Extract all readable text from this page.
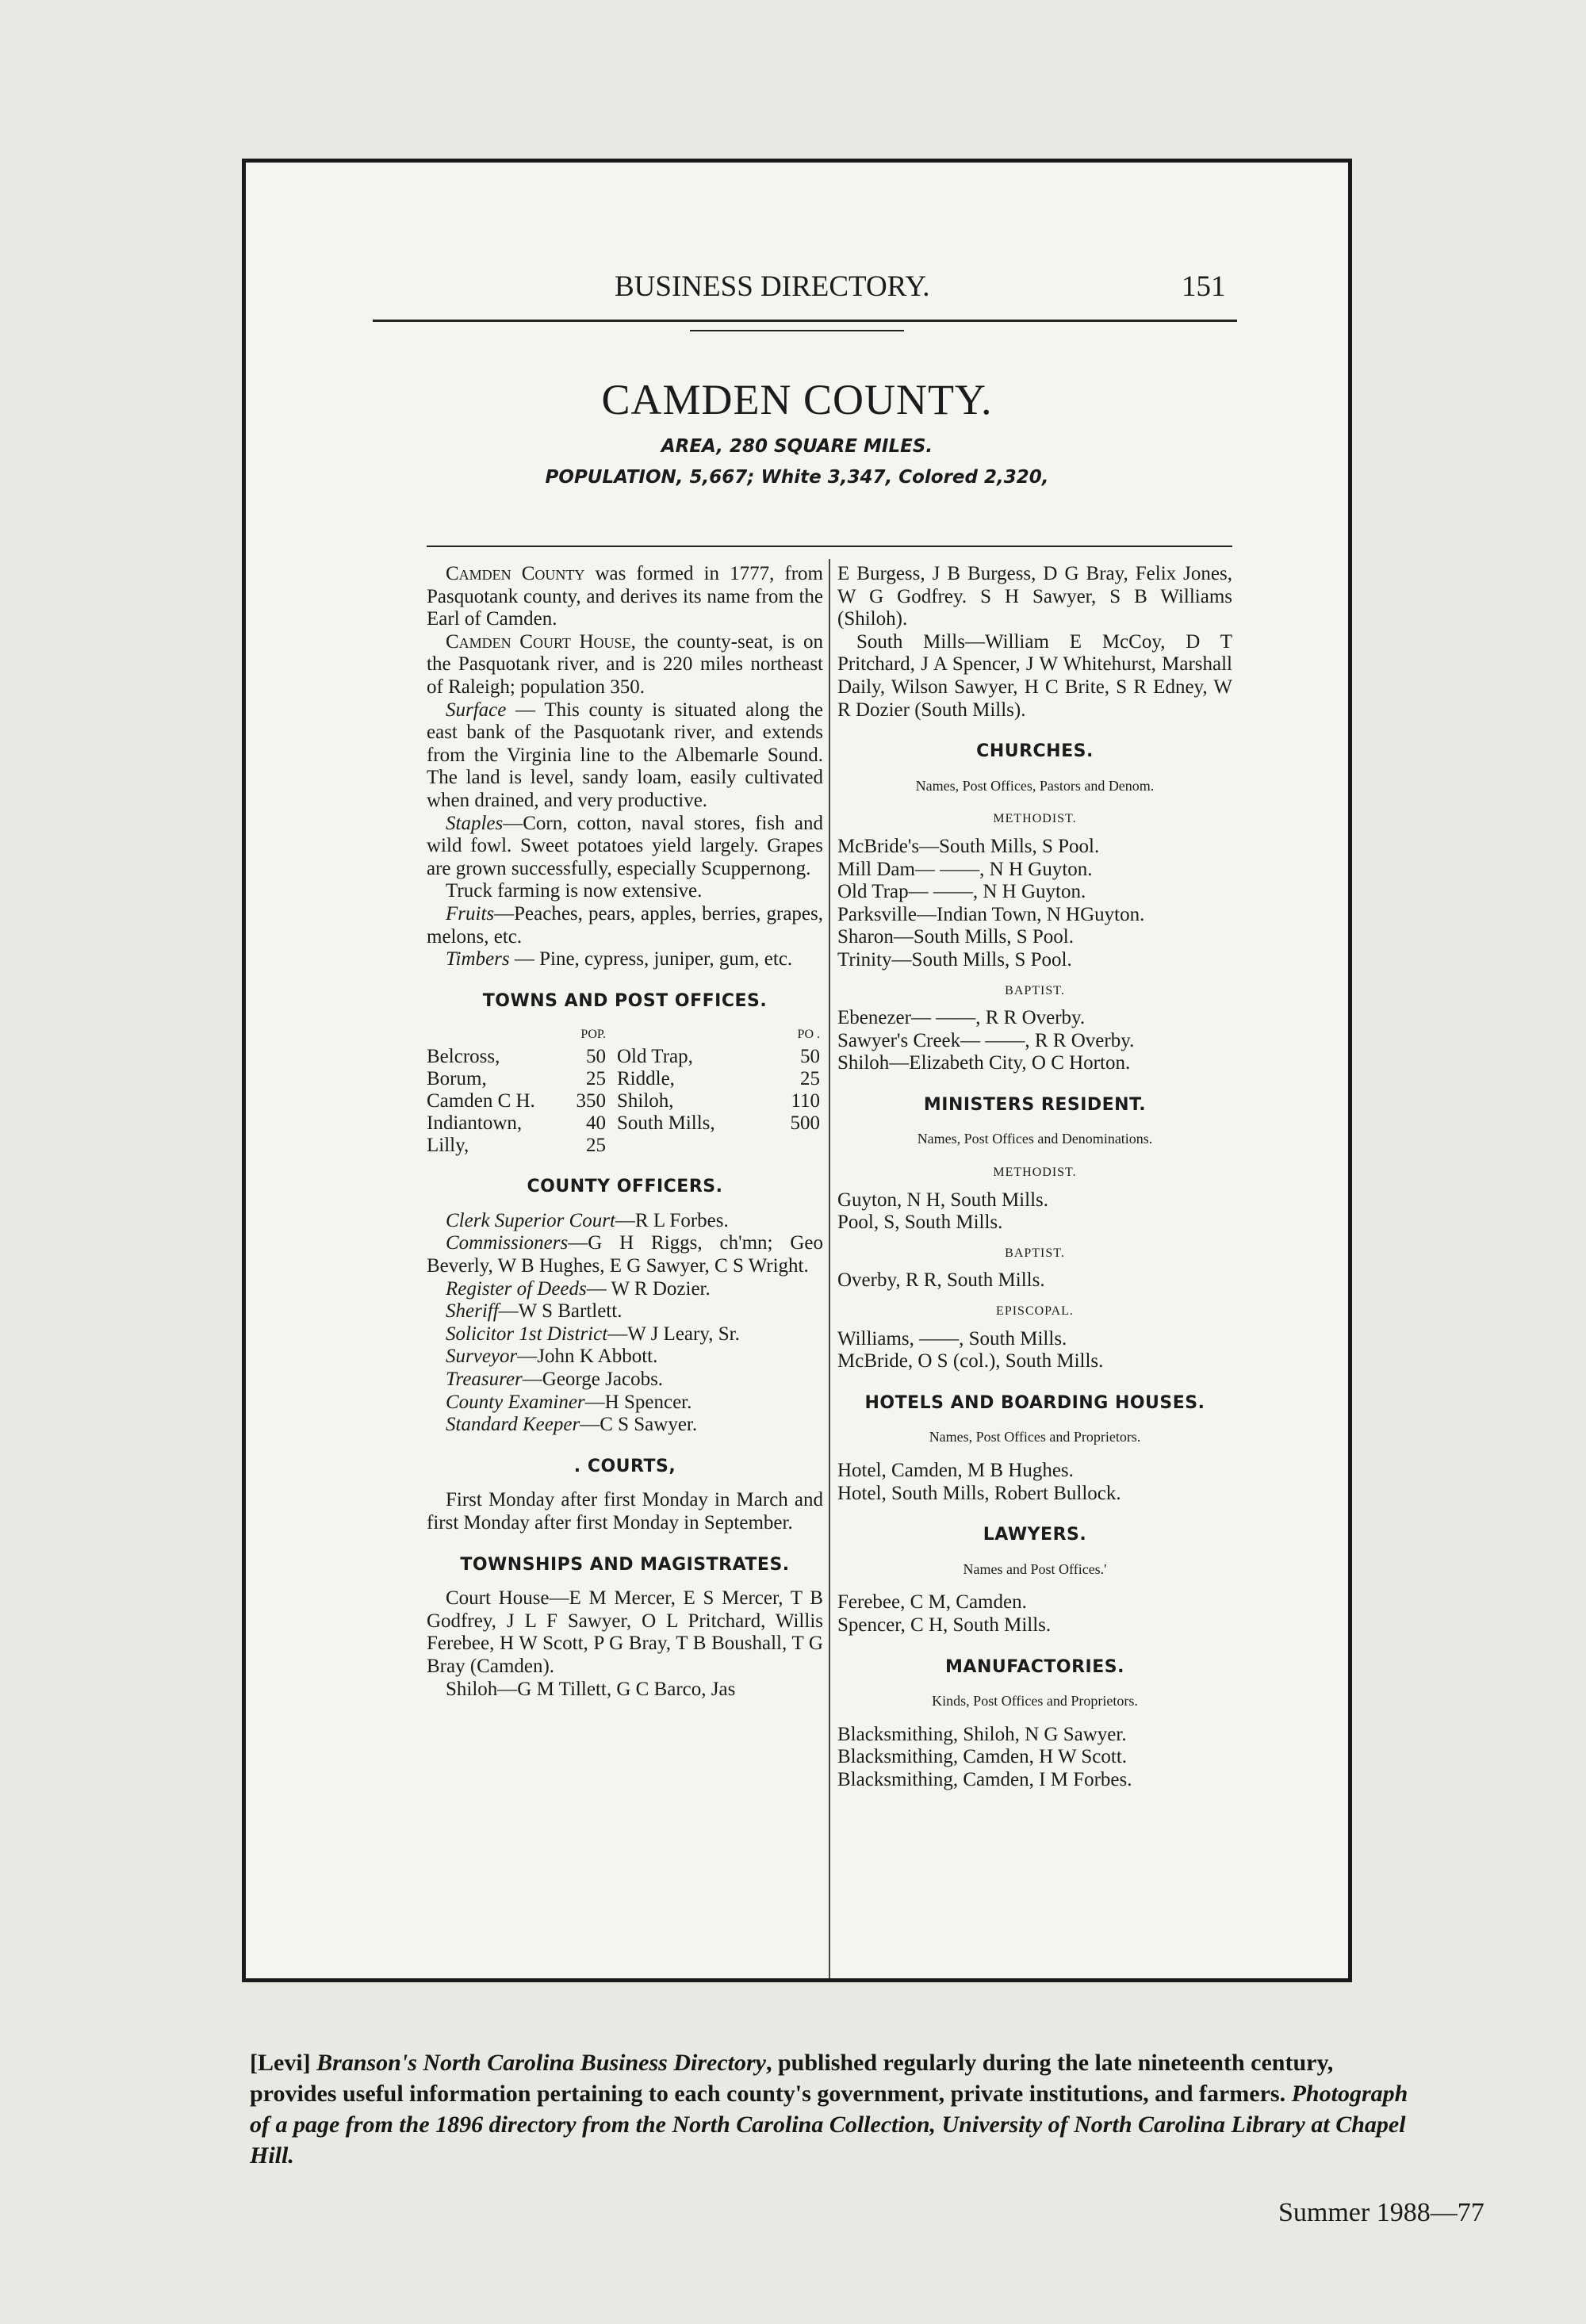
BUSINESS DIRECTORY.	151
CAMDEN COUNTY.
AREA, 280 SQUARE MILES.
POPULATION, 5,667; White 3,347, Colored 2,320,

Camden County was formed in 1777, from Pasquotank county, and derives its name from the Earl of Camden.

Camden Court House, the county-seat, is on the Pasquotank river, and is 220 miles northeast of Raleigh; population 350.

Surface — This county is situated along the east bank of the Pasquotank river, and extends from the Virginia line to the Albemarle Sound. The land is level, sandy loam, easily cultivated when drained, and very productive.

Staples—Corn, cotton, naval stores, fish and wild fowl. Sweet potatoes yield largely. Grapes are grown successfully, especially Scuppernong.

Truck farming is now extensive.

Fruits—Peaches, pears, apples, berries, grapes, melons, etc.

Timbers — Pine, cypress, juniper, gum, etc.

TOWNS AND POST OFFICES.
	POP.		PO .
Belcross,	50	Old Trap,	50
Borum,	25	Riddle,	25
Camden C H.	350	Shiloh,	110
Indiantown,	40	South Mills,	500
Lilly,	25		
COUNTY OFFICERS.

Clerk Superior Court—R L Forbes.

Commissioners—G H Riggs, ch'mn; Geo Beverly, W B Hughes, E G Sawyer, C S Wright.

Register of Deeds— W R Dozier.

Sheriff—W S Bartlett.

Solicitor 1st District—W J Leary, Sr.

Surveyor—John K Abbott.

Treasurer—George Jacobs.

County Examiner—H Spencer.

Standard Keeper—C S Sawyer.

. COURTS,

First Monday after first Monday in March and first Monday after first Monday in September.

TOWNSHIPS AND MAGISTRATES.

Court House—E M Mercer, E S Mercer, T B Godfrey, J L F Sawyer, O L Pritchard, Willis Ferebee, H W Scott, P G Bray, T B Boushall, T G Bray (Camden).

Shiloh—G M Tillett, G C Barco, Jas

E Burgess, J B Burgess, D G Bray, Felix Jones, W G Godfrey. S H Sawyer, S B Williams (Shiloh).

South Mills—William E McCoy, D T Pritchard, J A Spencer, J W Whitehurst, Marshall Daily, Wilson Sawyer, H C Brite, S R Edney, W R Dozier (South Mills).

CHURCHES.
Names, Post Offices, Pastors and Denom.
METHODIST.

McBride's—South Mills, S Pool.

Mill Dam— ——, N H Guyton.

Old Trap— ——, N H Guyton.

Parksville—Indian Town, N HGuyton.

Sharon—South Mills, S Pool.

Trinity—South Mills, S Pool.

BAPTIST.

Ebenezer— ——, R R Overby.

Sawyer's Creek— ——, R R Overby.

Shiloh—Elizabeth City, O C Horton.

MINISTERS RESIDENT.
Names, Post Offices and Denominations.
METHODIST.

Guyton, N H, South Mills.

Pool, S, South Mills.

BAPTIST.

Overby, R R, South Mills.

EPISCOPAL.

Williams, ——, South Mills.

McBride, O S (col.), South Mills.

HOTELS AND BOARDING HOUSES.
Names, Post Offices and Proprietors.

Hotel, Camden, M B Hughes.

Hotel, South Mills, Robert Bullock.

LAWYERS.
Names and Post Offices.'

Ferebee, C M, Camden.

Spencer, C H, South Mills.

MANUFACTORIES.
Kinds, Post Offices and Proprietors.

Blacksmithing, Shiloh, N G Sawyer.

Blacksmithing, Camden, H W Scott.

Blacksmithing, Camden, I M Forbes.

[Levi] Branson's North Carolina Business Directory, published regularly during the late nineteenth century, provides useful information pertaining to each county's government, private institutions, and farmers. Photograph of a page from the 1896 directory from the North Carolina Collection, University of North Carolina Library at Chapel Hill.
Summer 1988—77
